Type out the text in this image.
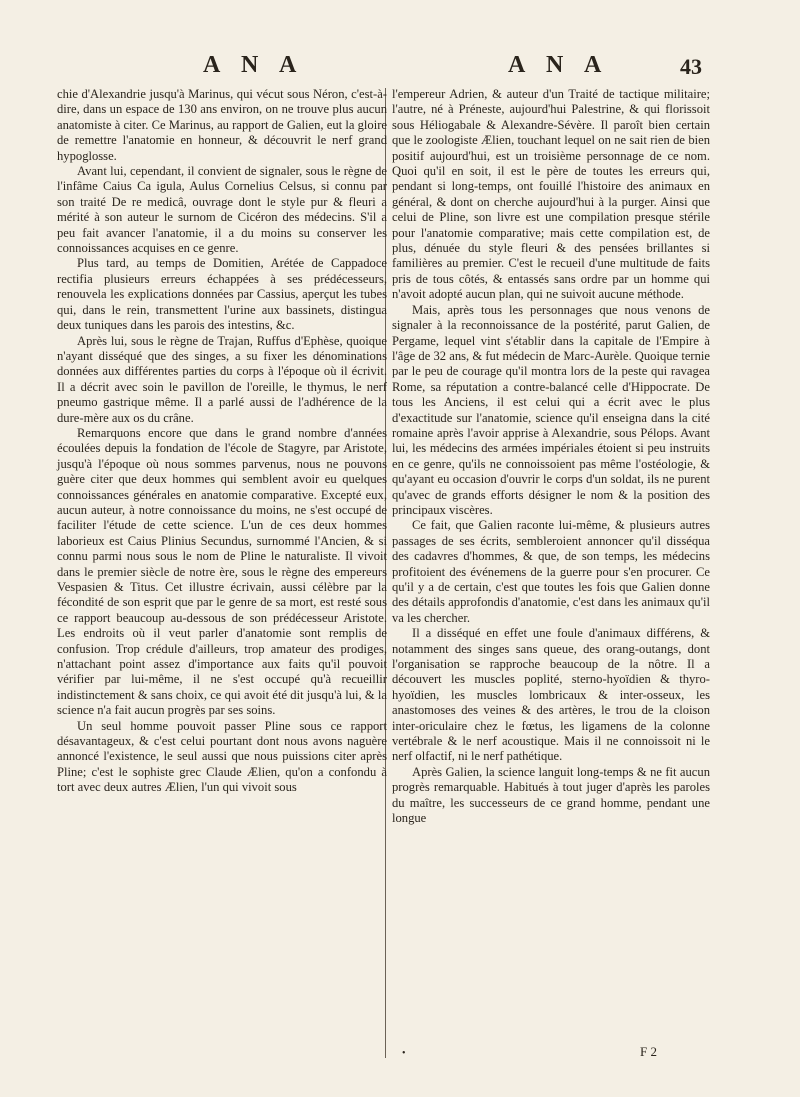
A N A	A N A	43

chie d'Alexandrie jusqu'à Marinus, qui vécut sous Néron, c'est-à-dire, dans un espace de 130 ans environ, on ne trouve plus aucun anatomiste à citer. Ce Marinus, au rapport de Galien, eut la gloire de remettre l'anatomie en honneur, & découvrit le nerf grand hypoglosse.

Avant lui, cependant, il convient de signaler, sous le règne de l'infâme Caius Ca igula, Aulus Cornelius Celsus, si connu par son traité De re medicâ, ouvrage dont le style pur & fleuri a mérité à son auteur le surnom de Cicéron des médecins. S'il a peu fait avancer l'anatomie, il a du moins su conserver les connoissances acquises en ce genre.

Plus tard, au temps de Domitien, Arétée de Cappadoce rectifia plusieurs erreurs échappées à ses prédécesseurs, renouvela les explications données par Cassius, aperçut les tubes qui, dans le rein, transmettent l'urine aux bassinets, distingua deux tuniques dans les parois des intestins, &c.

Après lui, sous le règne de Trajan, Ruffus d'Ephèse, quoique n'ayant disséqué que des singes, a su fixer les dénominations données aux différentes parties du corps à l'époque où il écrivit. Il a décrit avec soin le pavillon de l'oreille, le thymus, le nerf pneumo gastrique même. Il a parlé aussi de l'adhérence de la dure-mère aux os du crâne.

Remarquons encore que dans le grand nombre d'années écoulées depuis la fondation de l'école de Stagyre, par Aristote, jusqu'à l'époque où nous sommes parvenus, nous ne pouvons guère citer que deux hommes qui semblent avoir eu quelques connoissances générales en anatomie comparative. Excepté eux, aucun auteur, à notre connoissance du moins, ne s'est occupé de faciliter l'étude de cette science. L'un de ces deux hommes laborieux est Caius Plinius Secundus, surnommé l'Ancien, & si connu parmi nous sous le nom de Pline le naturaliste. Il vivoit dans le premier siècle de notre ère, sous le règne des empereurs Vespasien & Titus. Cet illustre écrivain, aussi célèbre par la fécondité de son esprit que par le genre de sa mort, est resté sous ce rapport beaucoup au-dessous de son prédécesseur Aristote. Les endroits où il veut parler d'anatomie sont remplis de confusion. Trop crédule d'ailleurs, trop amateur des prodiges, n'attachant point assez d'importance aux faits qu'il pouvoit vérifier par lui-même, il ne s'est occupé qu'à recueillir indistinctement & sans choix, ce qui avoit été dit jusqu'à lui, & la science n'a fait aucun progrès par ses soins.

Un seul homme pouvoit passer Pline sous ce rapport désavantageux, & c'est celui pourtant dont nous avons naguère annoncé l'existence, le seul aussi que nous puissions citer après Pline; c'est le sophiste grec Claude Ælien, qu'on a confondu à tort avec deux autres Ælien, l'un qui vivoit sous

l'empereur Adrien, & auteur d'un Traité de tactique militaire; l'autre, né à Préneste, aujourd'hui Palestrine, & qui florissoit sous Héliogabale & Alexandre-Sévère. Il paroît bien certain que le zoologiste Ælien, touchant lequel on ne sait rien de bien positif aujourd'hui, est un troisième personnage de ce nom. Quoi qu'il en soit, il est le père de toutes les erreurs qui, pendant si long-temps, ont fouillé l'histoire des animaux en général, & dont on cherche aujourd'hui à la purger. Ainsi que celui de Pline, son livre est une compilation presque stérile pour l'anatomie comparative; mais cette compilation est, de plus, dénuée du style fleuri & des pensées brillantes si familières au premier. C'est le recueil d'une multitude de faits pris de tous côtés, & entassés sans ordre par un homme qui n'avoit adopté aucun plan, qui ne suivoit aucune méthode.

Mais, après tous les personnages que nous venons de signaler à la reconnoissance de la postérité, parut Galien, de Pergame, lequel vint s'établir dans la capitale de l'Empire à l'âge de 32 ans, & fut médecin de Marc-Aurèle. Quoique ternie par le peu de courage qu'il montra lors de la peste qui ravagea Rome, sa réputation a contre-balancé celle d'Hippocrate. De tous les Anciens, il est celui qui a écrit avec le plus d'exactitude sur l'anatomie, science qu'il enseigna dans la cité romaine après l'avoir apprise à Alexandrie, sous Pélops. Avant lui, les médecins des armées impériales étoient si peu instruits en ce genre, qu'ils ne connoissoient pas même l'ostéologie, & qu'ayant eu occasion d'ouvrir le corps d'un soldat, ils ne purent qu'avec de grands efforts désigner le nom & la position des principaux viscères.

Ce fait, que Galien raconte lui-même, & plusieurs autres passages de ses écrits, sembleroient annoncer qu'il disséqua des cadavres d'hommes, & que, de son temps, les médecins profitoient des événemens de la guerre pour s'en procurer. Ce qu'il y a de certain, c'est que toutes les fois que Galien donne des détails approfondis d'anatomie, c'est dans les animaux qu'il va les chercher.

Il a disséqué en effet une foule d'animaux différens, & notamment des singes sans queue, des orang-outangs, dont l'organisation se rapproche beaucoup de la nôtre. Il a découvert les muscles poplité, sterno-hyoïdien & thyro-hyoïdien, les muscles lombricaux & inter-osseux, les anastomoses des veines & des artères, le trou de la cloison inter-oriculaire chez le fœtus, les ligamens de la colonne vertébrale & le nerf acoustique. Mais il ne connoissoit ni le nerf olfactif, ni le nerf pathétique.

Après Galien, la science languit long-temps & ne fit aucun progrès remarquable. Habitués à tout juger d'après les paroles du maître, les successeurs de ce grand homme, pendant une longue

•	F 2
